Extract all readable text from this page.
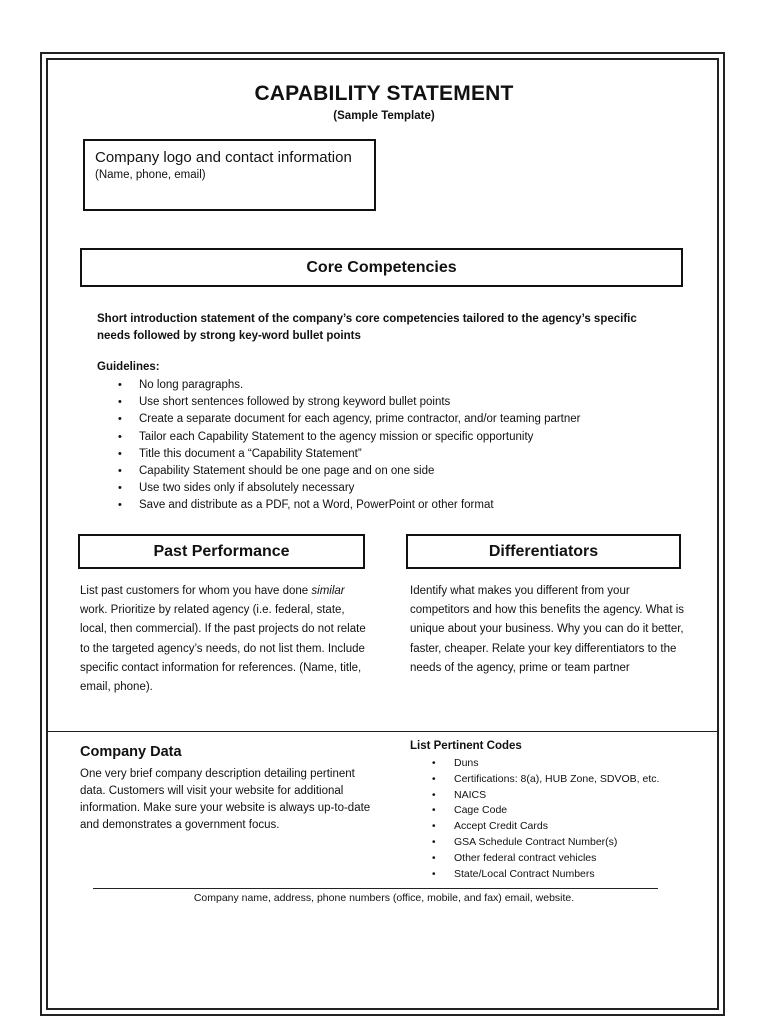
CAPABILITY STATEMENT
(Sample Template)
Company logo and contact information
(Name, phone, email)
Core Competencies
Short introduction statement of the company’s core competencies tailored to the agency’s specific needs followed by strong key-word bullet points
Guidelines:
• No long paragraphs.
• Use short sentences followed by strong keyword bullet points
• Create a separate document for each agency, prime contractor, and/or teaming partner
• Tailor each Capability Statement to the agency mission or specific opportunity
• Title this document a “Capability Statement”
• Capability Statement should be one page and on one side
• Use two sides only if absolutely necessary
• Save and distribute as a PDF, not a Word, PowerPoint or other format
Past Performance	Differentiators
List past customers for whom you have done similar work. Prioritize by related agency (i.e. federal, state, local, then commercial). If the past projects do not relate to the targeted agency’s needs, do not list them. Include specific contact information for references. (Name, title, email, phone).
Identify what makes you different from your competitors and how this benefits the agency. What is unique about your business. Why you can do it better, faster, cheaper. Relate your key differentiators to the needs of the agency, prime or team partner
Company Data
One very brief company description detailing pertinent data. Customers will visit your website for additional information. Make sure your website is always up-to-date and demonstrates a government focus.
List Pertinent Codes
• Duns
• Certifications: 8(a), HUB Zone, SDVOB, etc.
• NAICS
• Cage Code
• Accept Credit Cards
• GSA Schedule Contract Number(s)
• Other federal contract vehicles
• State/Local Contract Numbers
Company name, address, phone numbers (office, mobile, and fax) email, website.
